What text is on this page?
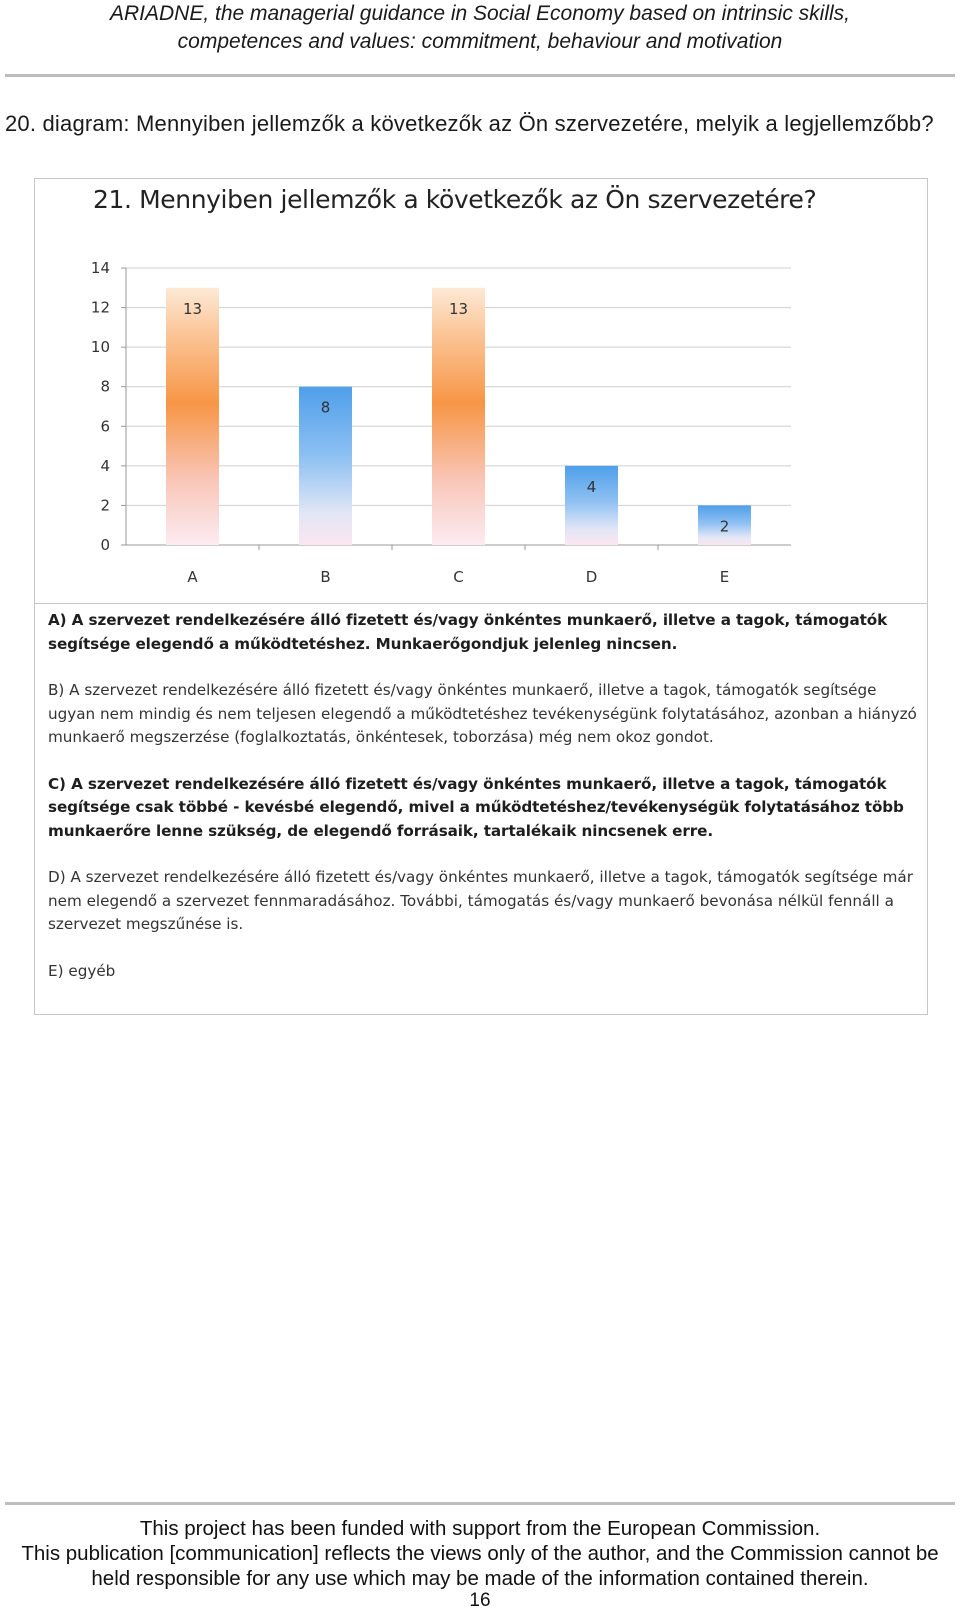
ARIADNE, the managerial guidance in Social Economy based on intrinsic skills,
competences and values: commitment, behaviour and motivation
20. diagram: Mennyiben jellemzők a következők az Ön szervezetére, melyik a legjellemzőbb?
21. Mennyiben jellemzők a következők az Ön szervezetére?
0
2
4
6
8
10
12
14
13
A
8
B
13
C
4
D
2
E

A) A szervezet rendelkezésére álló fizetett és/vagy önkéntes munkaerő, illetve a tagok, támogatók segítsége elegendő a működtetéshez. Munkaerőgondjuk jelenleg nincsen.

B) A szervezet rendelkezésére álló fizetett és/vagy önkéntes munkaerő, illetve a tagok, támogatók segítsége ugyan nem mindig és nem teljesen elegendő a működtetéshez tevékenységünk folytatásához, azonban a hiányzó munkaerő megszerzése (foglalkoztatás, önkéntesek, toborzása) még nem okoz gondot.

C) A szervezet rendelkezésére álló fizetett és/vagy önkéntes munkaerő, illetve a tagok, támogatók segítsége csak többé - kevésbé elegendő, mivel a működtetéshez/tevékenységük folytatásához több munkaerőre lenne szükség, de elegendő forrásaik, tartalékaik nincsenek erre.

D) A szervezet rendelkezésére álló fizetett és/vagy önkéntes munkaerő, illetve a tagok, támogatók segítsége már nem elegendő a szervezet fennmaradásához. További, támogatás és/vagy munkaerő bevonása nélkül fennáll a szervezet megszűnése is.

E) egyéb

This project has been funded with support from the European Commission.
This publication [communication] reflects the views only of the author, and the Commission cannot be
held responsible for any use which may be made of the information contained therein.
16
